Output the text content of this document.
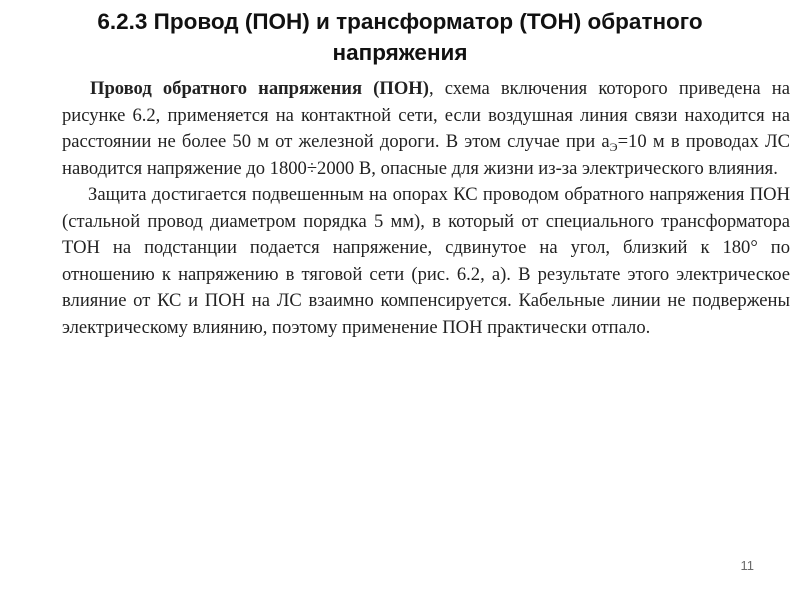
6.2.3 Провод (ПОН) и трансформатор (ТОН) обратного напряжения

Провод обратного напряжения (ПОН), схема включения которого приведена на рисунке 6.2, применяется на контактной сети, если воздушная линия связи находится на расстоянии не более 50 м от железной дороги. В этом случае при $а_Э=10$ м в проводах ЛС наводится напряжение до 1800÷2000 В, опасные для жизни из-за электрического влияния.

Защита достигается подвешенным на опорах КС проводом обратного напряжения ПОН (стальной провод диаметром порядка 5 мм), в который от специального трансформатора ТОН на подстанции подается напряжение, сдвинутое на угол, близкий к 180° по отношению к напряжению в тяговой сети (рис. 6.2, а). В результате этого электрическое влияние от КС и ПОН на ЛС взаимно компенсируется. Кабельные линии не подвержены электрическому влиянию, поэтому применение ПОН практически отпало.

11
